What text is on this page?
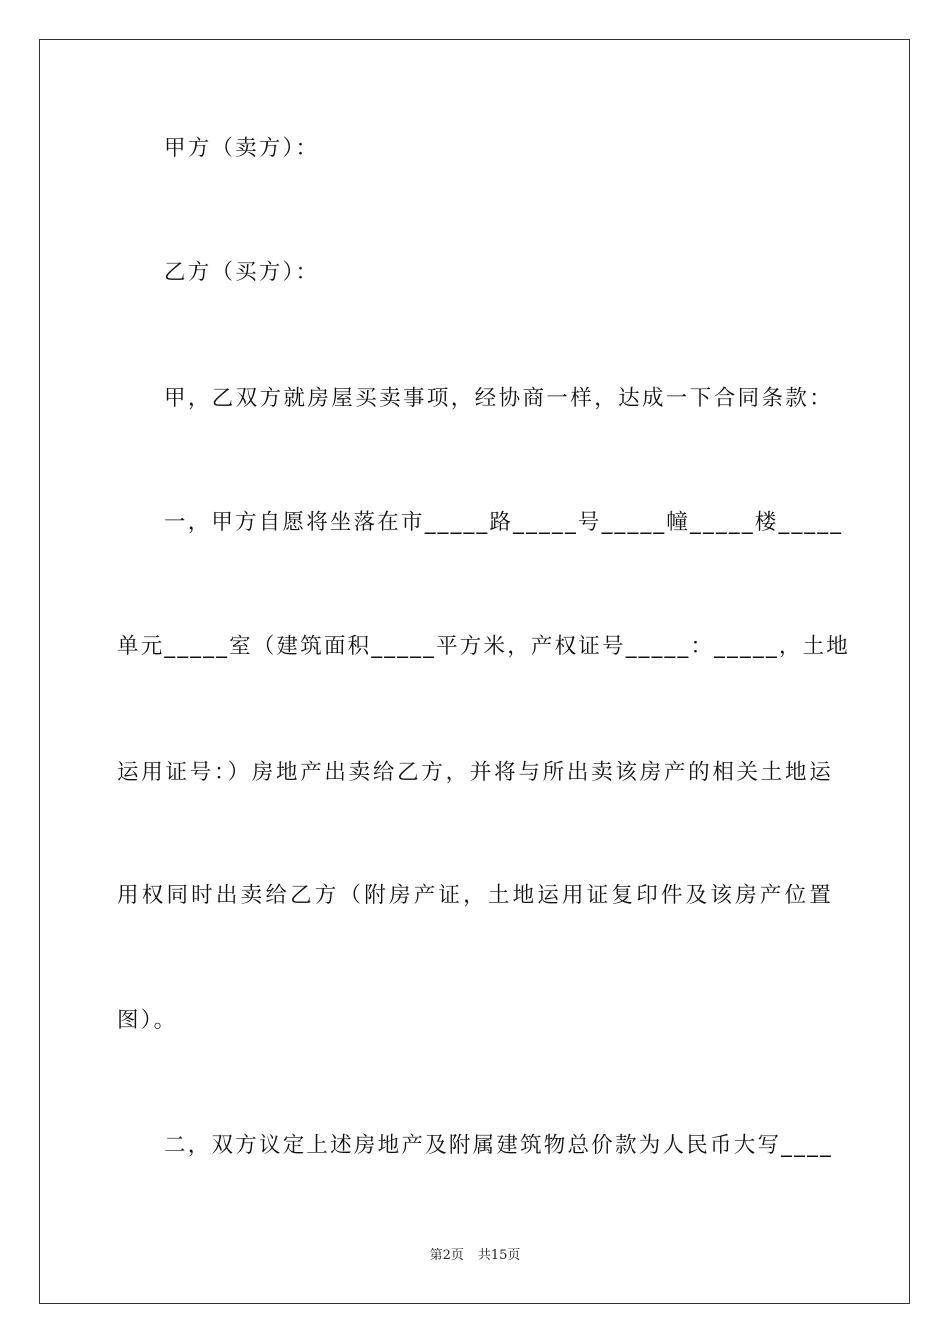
甲方（卖方）：
乙方（买方）：
甲，乙双方就房屋买卖事项，经协商一样，达成一下合同条款：
一，甲方自愿将坐落在市_____路_____号_____幢_____楼_____
单元_____室（建筑面积_____平方米，产权证号_____：_____，土地
运用证号：）房地产出卖给乙方，并将与所出卖该房产的相关土地运
用权同时出卖给乙方（附房产证，土地运用证复印件及该房产位置
图）。
二，双方议定上述房地产及附属建筑物总价款为人民币大写____
第2页 共15页
